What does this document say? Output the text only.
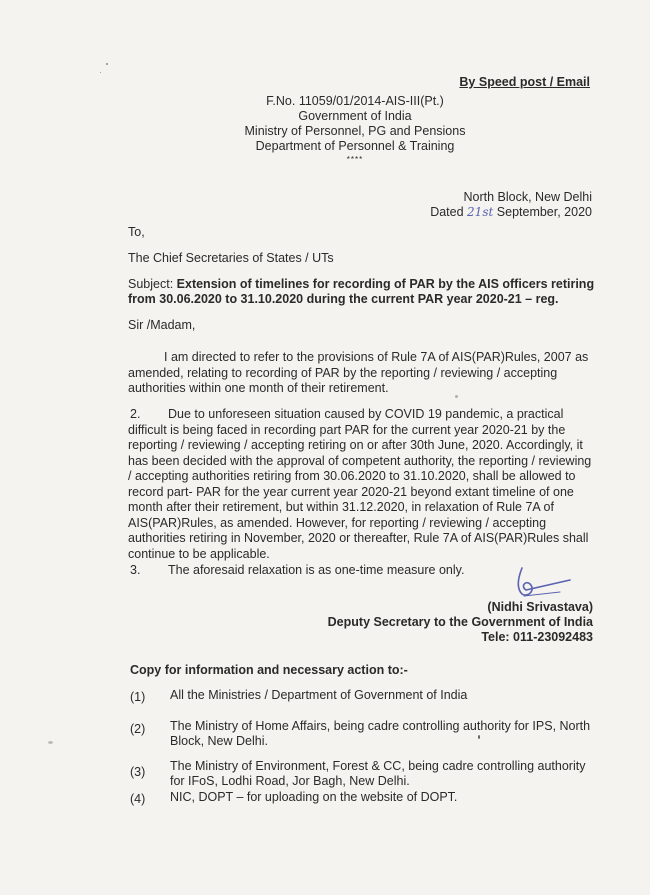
By Speed post / Email
F.No. 11059/01/2014-AIS-III(Pt.)
Government of India
Ministry of Personnel, PG and Pensions
Department of Personnel & Training
****
North Block, New Delhi
Dated 21st September, 2020
To,
The Chief Secretaries of States / UTs
Subject: Extension of timelines for recording of PAR by the AIS officers retiring
from 30.06.2020 to 31.10.2020 during the current PAR year 2020-21 – reg.
Sir /Madam,
I am directed to refer to the provisions of Rule 7A of AIS(PAR)Rules, 2007 as
amended, relating to recording of PAR by the reporting / reviewing / accepting
authorities within one month of their retirement.
2.	Due to unforeseen situation caused by COVID 19 pandemic, a practical
difficult is being faced in recording part PAR for the current year 2020-21 by the
reporting / reviewing / accepting retiring on or after 30th June, 2020. Accordingly, it
has been decided with the approval of competent authority, the reporting / reviewing
/ accepting authorities retiring from 30.06.2020 to 31.10.2020, shall be allowed to
record part- PAR for the year current year 2020-21 beyond extant timeline of one
month after their retirement, but within 31.12.2020, in relaxation of Rule 7A of
AIS(PAR)Rules, as amended. However, for reporting / reviewing / accepting
authorities retiring in November, 2020 or thereafter, Rule 7A of AIS(PAR)Rules shall
continue to be applicable.
3. The aforesaid relaxation is as one-time measure only.
(Nidhi Srivastava)
Deputy Secretary to the Government of India
Tele: 011-23092483
Copy for information and necessary action to:-
(1) All the Ministries / Department of Government of India
(2) The Ministry of Home Affairs, being cadre controlling authority for IPS, North
Block, New Delhi.
(3) The Ministry of Environment, Forest & CC, being cadre controlling authority
for IFoS, Lodhi Road, Jor Bagh, New Delhi.
(4) NIC, DOPT – for uploading on the website of DOPT.
